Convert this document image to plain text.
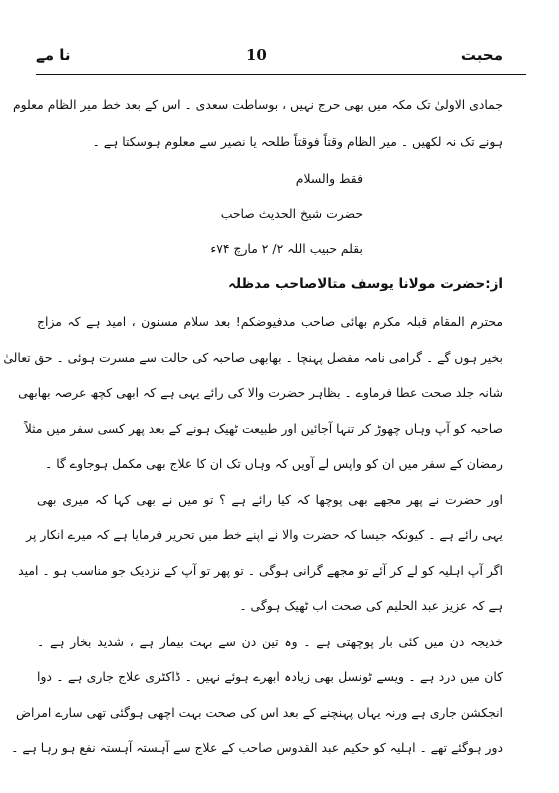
نا مے	10	محبت
جمادی الاولیٰ تک مکہ میں بھی حرج نہیں ، بوساطت سعدی ۔ اس کے بعد خط میر الظام معلوم
ہونے تک نہ لکھیں ۔ میر الظام وقتاً فوقتاً طلحہ یا نصیر سے معلوم ہوسکتا ہے ۔
فقط والسلام
حضرت شیخ الحدیث صاحب
بقلم حبیب اللہ ۲/ ۲ مارچ ۷۴ء
از:حضرت مولانا یوسف متالاصاحب مدظلہ
محترم المقام قبلہ مکرم بھائی صاحب مدفیوضکم! بعد سلام مسنون ، امید ہے کہ مزاج
بخیر ہوں گے ۔ گرامی نامہ مفصل پہنچا ۔ بھابھی صاحبہ کی حالت سے مسرت ہوئی ۔ حق تعالیٰ
شانہ جلد صحت عطا فرماوے ۔ بظاہر حضرت والا کی رائے یہی ہے کہ ابھی کچھ عرصہ بھابھی
صاحبہ کو آپ وہاں چھوڑ کر تنہا آجائیں اور طبیعت ٹھیک ہونے کے بعد پھر کسی سفر میں مثلاً
رمضان کے سفر میں ان کو واپس لے آویں کہ وہاں تک ان کا علاج بھی مکمل ہوجاوے گا ۔
اور حضرت نے پھر مجھے بھی پوچھا کہ کیا رائے ہے ؟ تو میں نے بھی کہا کہ میری بھی
یہی رائے ہے ۔ کیونکہ جیسا کہ حضرت والا نے اپنے خط میں تحریر فرمایا ہے کہ میرے انکار پر
اگر آپ اہلیہ کو لے کر آئے تو مجھے گرانی ہوگی ۔ تو پھر تو آپ کے نزدیک جو مناسب ہو ۔ امید
ہے کہ عزیز عبد الحلیم کی صحت اب ٹھیک ہوگی ۔
خدیجہ دن میں کئی بار پوچھتی ہے ۔ وہ تین دن سے بہت بیمار ہے ، شدید بخار ہے ۔
کان میں درد ہے ۔ ویسے ٹونسل بھی زیادہ ابھرے ہوئے نہیں ۔ ڈاکٹری علاج جاری ہے ۔ دوا
انجکشن جاری ہے ورنہ یہاں پہنچنے کے بعد اس کی صحت بہت اچھی ہوگئی تھی سارے امراض
دور ہوگئے تھے ۔ اہلیہ کو حکیم عبد القدوس صاحب کے علاج سے آہستہ آہستہ نفع ہو رہا ہے ۔
